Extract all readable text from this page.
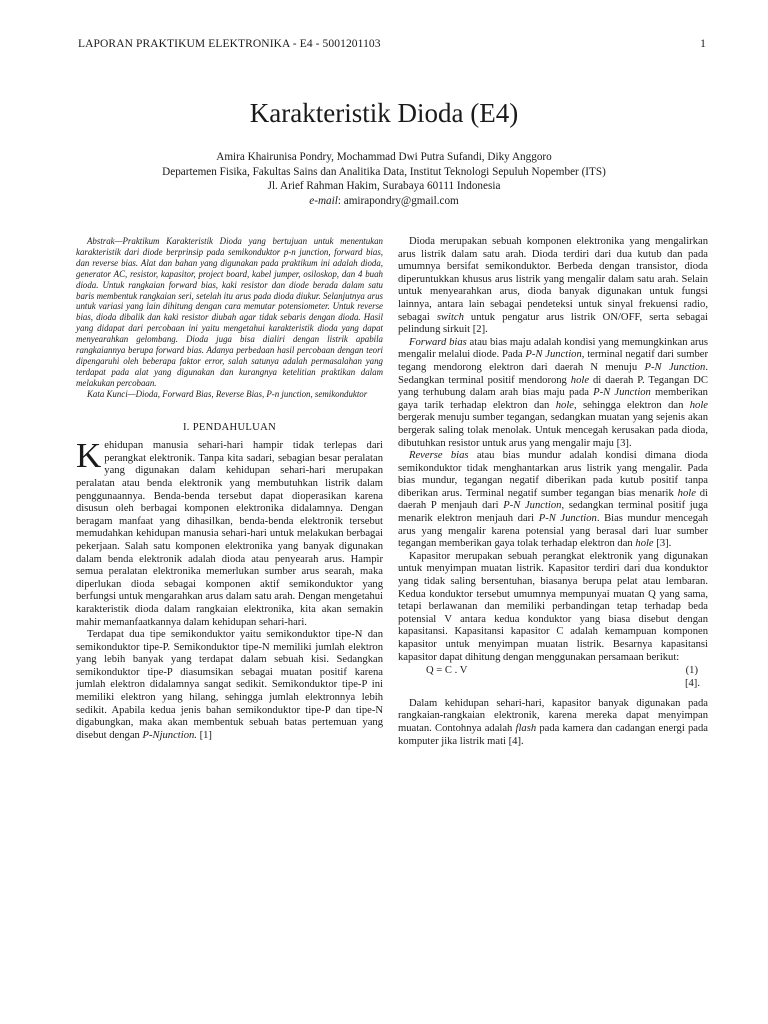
LAPORAN PRAKTIKUM ELEKTRONIKA - E4 - 5001201103	1
Karakteristik Dioda (E4)
Amira Khairunisa Pondry, Mochammad Dwi Putra Sufandi, Diky Anggoro
Departemen Fisika, Fakultas Sains dan Analitika Data, Institut Teknologi Sepuluh Nopember (ITS)
Jl. Arief Rahman Hakim, Surabaya 60111 Indonesia
e-mail: amirapondry@gmail.com

Abstrak—Praktikum Karakteristik Dioda yang bertujuan untuk menentukan karakteristik dari diode berprinsip pada semikonduktor p-n junction, forward bias, dan reverse bias. Alat dan bahan yang digunakan pada praktikum ini adalah dioda, generator AC, resistor, kapasitor, project board, kabel jumper, osiloskop, dan 4 buah dioda. Untuk rangkaian forward bias, kaki resistor dan diode berada dalam satu baris membentuk rangkaian seri, setelah itu arus pada dioda diukur. Selanjutnya arus untuk variasi yang lain dihitung dengan cara memutar potensiometer. Untuk reverse bias, dioda dibalik dan kaki resistor diubah agar tidak sebaris dengan dioda. Hasil yang didapat dari percobaan ini yaitu mengetahui karakteristik dioda yang dapat menyearahkan gelombang. Dioda juga bisa dialiri dengan listrik apabila rangkaiannya berupa forward bias. Adanya perbedaan hasil percobaan dengan teori dipengaruhi oleh beberapa faktor error, salah satunya adalah permasalahan yang terdapat pada alat yang digunakan dan kurangnya ketelitian praktikan dalam melakukan percobaan.

Kata Kunci—Dioda, Forward Bias, Reverse Bias, P-n junction, semikonduktor

I. PENDAHULUAN

Kehidupan manusia sehari-hari hampir tidak terlepas dari perangkat elektronik. Tanpa kita sadari, sebagian besar peralatan yang digunakan dalam kehidupan sehari-hari merupakan peralatan atau benda elektronik yang membutuhkan listrik dalam penggunaannya. Benda-benda tersebut dapat dioperasikan karena disusun oleh berbagai komponen elektronika didalamnya. Dengan beragam manfaat yang dihasilkan, benda-benda elektronik tersebut memudahkan kehidupan manusia sehari-hari untuk melakukan berbagai pekerjaan. Salah satu komponen elektronika yang banyak digunakan dalam benda elektronik adalah dioda atau penyearah arus. Hampir semua peralatan elektronika memerlukan sumber arus searah, maka diperlukan dioda sebagai komponen aktif semikonduktor yang berfungsi untuk mengarahkan arus dalam satu arah. Dengan mengetahui karakteristik dioda dalam rangkaian elektronika, kita akan semakin mahir memanfaatkannya dalam kehidupan sehari-hari.

Terdapat dua tipe semikonduktor yaitu semikonduktor tipe-N dan semikonduktor tipe-P. Semikonduktor tipe-N memiliki jumlah elektron yang lebih banyak yang terdapat dalam sebuah kisi. Sedangkan semikonduktor tipe-P diasumsikan sebagai muatan positif karena jumlah elektron didalamnya sangat sedikit. Semikonduktor tipe-P ini memiliki elektron yang hilang, sehingga jumlah elektronnya lebih sedikit. Apabila kedua jenis bahan semikonduktor tipe-P dan tipe-N digabungkan, maka akan membentuk sebuah batas pertemuan yang disebut dengan P-Njunction. [1]

Dioda merupakan sebuah komponen elektronika yang mengalirkan arus listrik dalam satu arah. Dioda terdiri dari dua kutub dan pada umumnya bersifat semikonduktor. Berbeda dengan transistor, dioda diperuntukkan khusus arus listrik yang mengalir dalam satu arah. Selain untuk menyearahkan arus, dioda banyak digunakan untuk fungsi lainnya, antara lain sebagai pendeteksi untuk sinyal frekuensi radio, sebagai switch untuk pengatur arus listrik ON/OFF, serta sebagai pelindung sirkuit [2].

Forward bias atau bias maju adalah kondisi yang memungkinkan arus mengalir melalui diode. Pada P-N Junction, terminal negatif dari sumber tegang mendorong elektron dari daerah N menuju P-N Junction. Sedangkan terminal positif mendorong hole di daerah P. Tegangan DC yang terhubung dalam arah bias maju pada P-N Junction memberikan gaya tarik terhadap elektron dan hole, sehingga elektron dan hole bergerak menuju sumber tegangan, sedangkan muatan yang sejenis akan bergerak saling tolak menolak. Untuk mencegah kerusakan pada dioda, dibutuhkan resistor untuk arus yang mengalir maju [3].

Reverse bias atau bias mundur adalah kondisi dimana dioda semikonduktor tidak menghantarkan arus listrik yang mengalir. Pada bias mundur, tegangan negatif diberikan pada kutub positif tanpa diberikan arus. Terminal negatif sumber tegangan bias menarik hole di daerah P menjauh dari P-N Junction, sedangkan terminal positif juga menarik elektron menjauh dari P-N Junction. Bias mundur mencegah arus yang mengalir karena potensial yang berasal dari luar sumber tegangan memberikan gaya tolak terhadap elektron dan hole [3].

Kapasitor merupakan sebuah perangkat elektronik yang digunakan untuk menyimpan muatan listrik. Kapasitor terdiri dari dua konduktor yang tidak saling bersentuhan, biasanya berupa pelat atau lembaran. Kedua konduktor tersebut umumnya mempunyai muatan Q yang sama, tetapi berlawanan dan memiliki perbandingan tetap terhadap beda potensial V antara kedua konduktor yang biasa disebut dengan kapasitansi. Kapasitansi kapasitor C adalah kemampuan komponen kapasitor untuk menyimpan muatan listrik. Besarnya kapasitansi kapasitor dapat dihitung dengan menggunakan persamaan berikut:

Q = C . V	(1)
[4].

Dalam kehidupan sehari-hari, kapasitor banyak digunakan pada rangkaian-rangkaian elektronik, karena mereka dapat menyimpan muatan. Contohnya adalah flash pada kamera dan cadangan energi pada komputer jika listrik mati [4].
